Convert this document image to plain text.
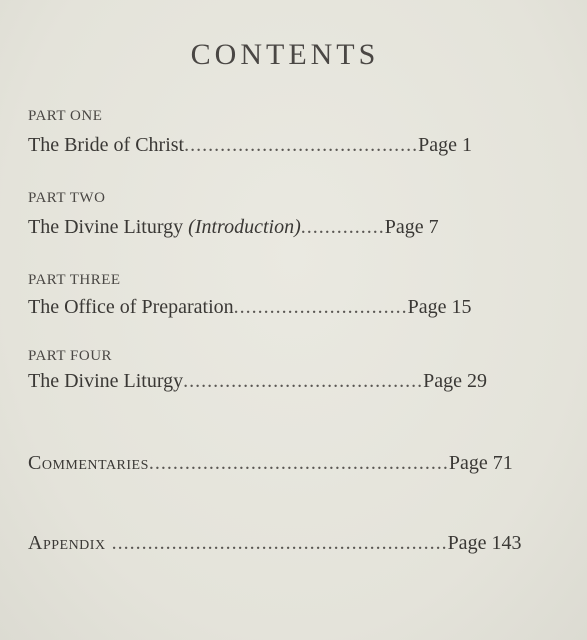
CONTENTS
PART ONE
The Bride of Christ.......................................Page 1
PART TWO
The Divine Liturgy (Introduction)..............Page 7
PART THREE
The Office of Preparation.............................Page 15
PART FOUR
The Divine Liturgy........................................Page 29
Commentaries..................................................Page 71
Appendix ........................................................Page 143
